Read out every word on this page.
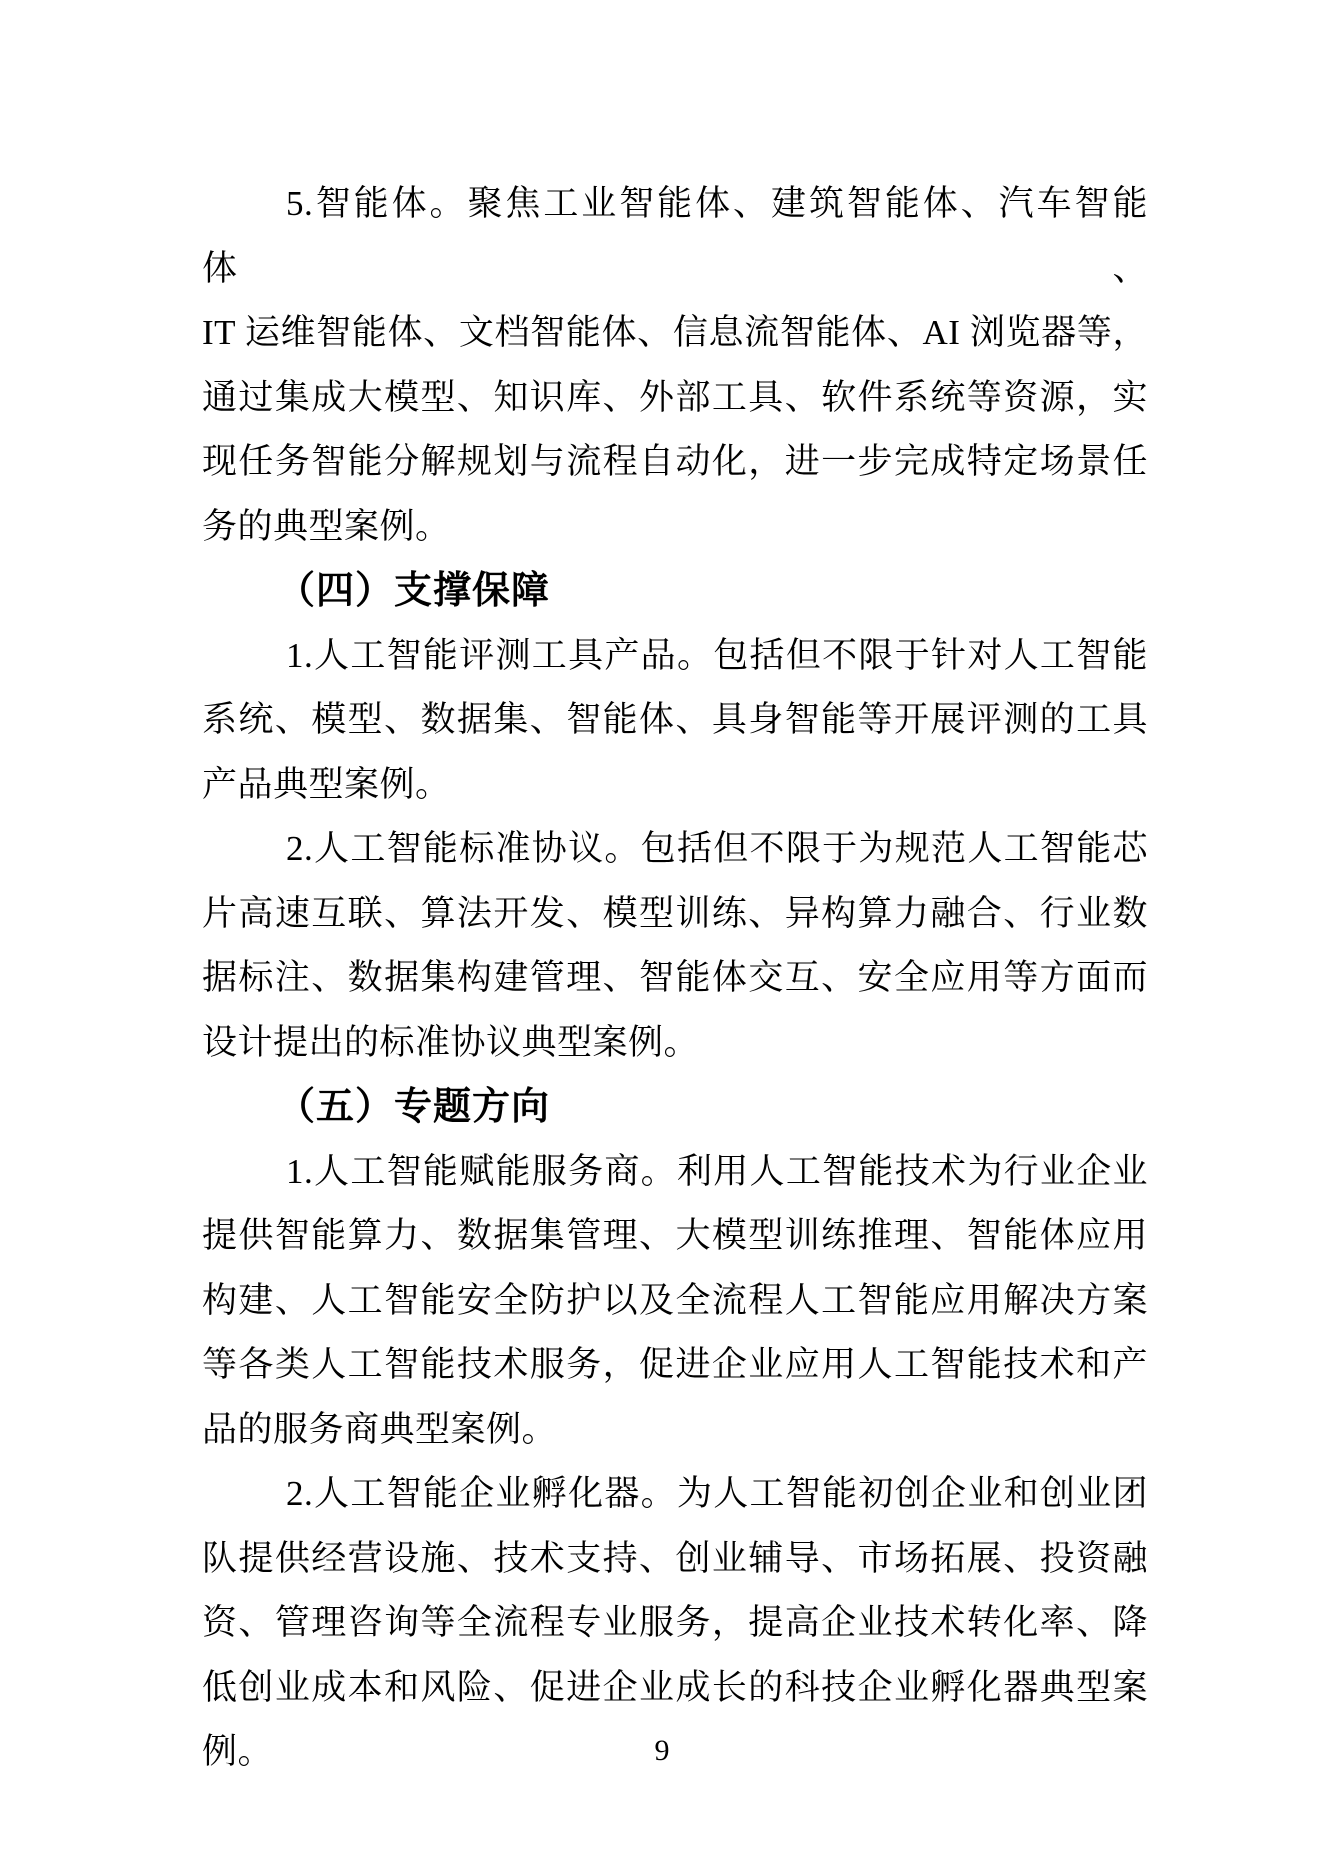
5.智能体。聚焦工业智能体、建筑智能体、汽车智能体、
IT 运维智能体、文档智能体、信息流智能体、AI 浏览器等，
通过集成大模型、知识库、外部工具、软件系统等资源，实
现任务智能分解规划与流程自动化，进一步完成特定场景任
务的典型案例。
（四）支撑保障
1.人工智能评测工具产品。包括但不限于针对人工智能
系统、模型、数据集、智能体、具身智能等开展评测的工具
产品典型案例。
2.人工智能标准协议。包括但不限于为规范人工智能芯
片高速互联、算法开发、模型训练、异构算力融合、行业数
据标注、数据集构建管理、智能体交互、安全应用等方面而
设计提出的标准协议典型案例。
（五）专题方向
1.人工智能赋能服务商。利用人工智能技术为行业企业
提供智能算力、数据集管理、大模型训练推理、智能体应用
构建、人工智能安全防护以及全流程人工智能应用解决方案
等各类人工智能技术服务，促进企业应用人工智能技术和产
品的服务商典型案例。
2.人工智能企业孵化器。为人工智能初创企业和创业团
队提供经营设施、技术支持、创业辅导、市场拓展、投资融
资、管理咨询等全流程专业服务，提高企业技术转化率、降
低创业成本和风险、促进企业成长的科技企业孵化器典型案
例。	9
